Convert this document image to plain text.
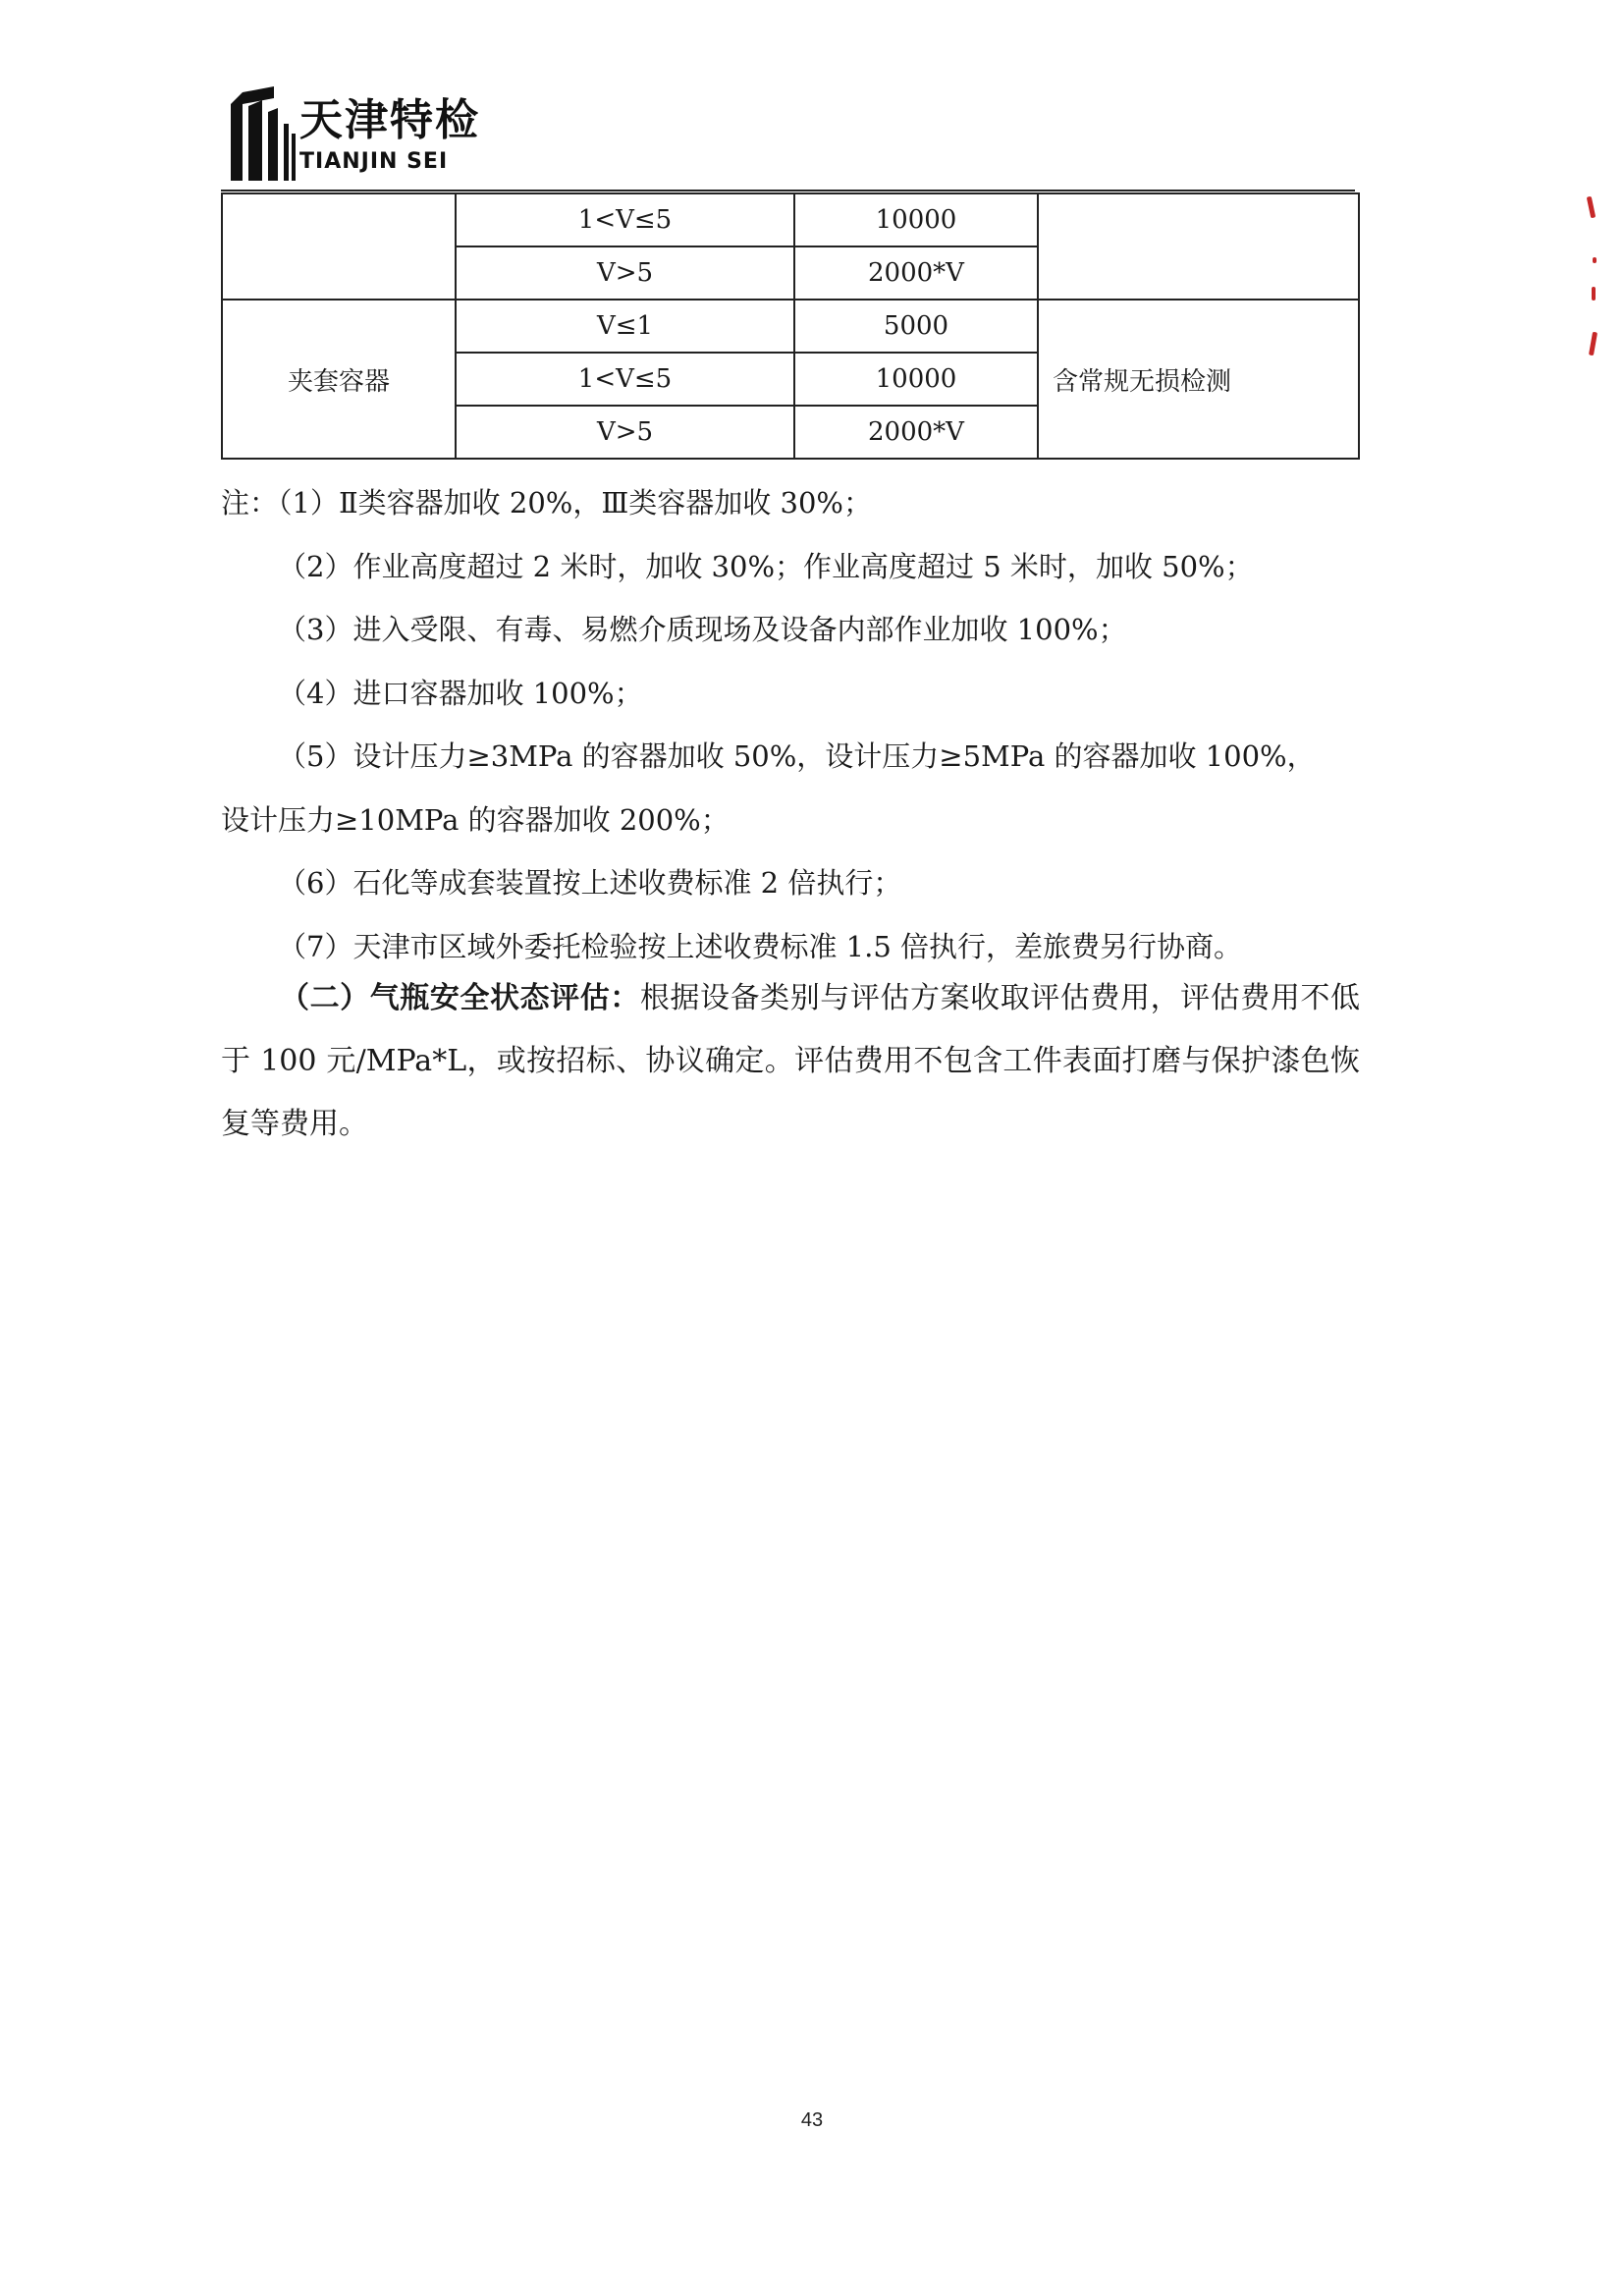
天津特检
TIANJIN SEI
	1<V≤5	10000	
	V>5	2000*V	
夹套容器	V≤1	5000	含常规无损检测
	1<V≤5	10000	
	V>5	2000*V	

注：（1）Ⅱ类容器加收 20%，Ⅲ类容器加收 30%；

（2）作业高度超过 2 米时，加收 30%；作业高度超过 5 米时，加收 50%；

（3）进入受限、有毒、易燃介质现场及设备内部作业加收 100%；

（4）进口容器加收 100%；

（5）设计压力≥3MPa 的容器加收 50%，设计压力≥5MPa 的容器加收 100%，

设计压力≥10MPa 的容器加收 200%；

（6）石化等成套装置按上述收费标准 2 倍执行；

（7）天津市区域外委托检验按上述收费标准 1.5 倍执行，差旅费另行协商。

（二）气瓶安全状态评估：根据设备类别与评估方案收取评估费用，评估费用不低于 100 元/MPa*L，或按招标、协议确定。评估费用不包含工件表面打磨与保护漆色恢复等费用。
43
